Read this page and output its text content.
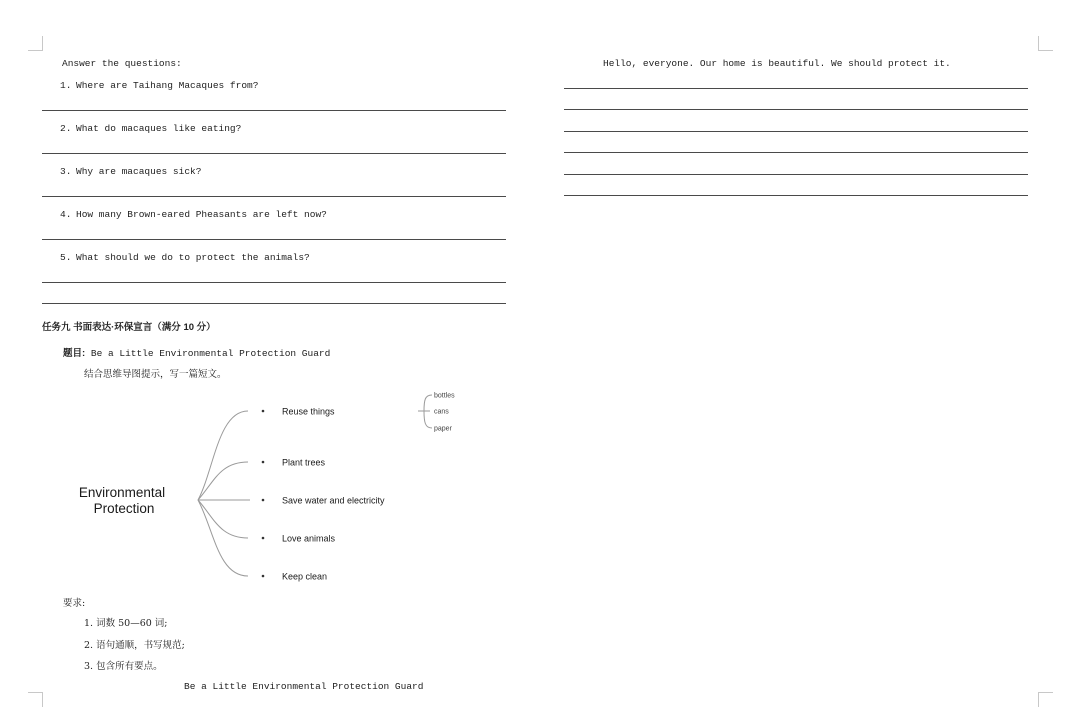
Answer the questions:
1. Where are Taihang Macaques from?
2. What do macaques like eating?
3. Why are macaques sick?
4. How many Brown-eared Pheasants are left now?
5. What should we do to protect the animals?
任务九 书面表达·环保宣言（满分 10 分）
题目: Be a Little Environmental Protection Guard
结合思维导图提示，写一篇短文。
Environmental
Protection
Reuse things
Plant trees
Save water and electricity
Love animals
Keep clean
bottles
cans
paper
要求:
1. 词数 50—60 词;
2. 语句通顺，书写规范;
3. 包含所有要点。
Be a Little Environmental Protection Guard
Hello, everyone. Our home is beautiful. We should protect it.
